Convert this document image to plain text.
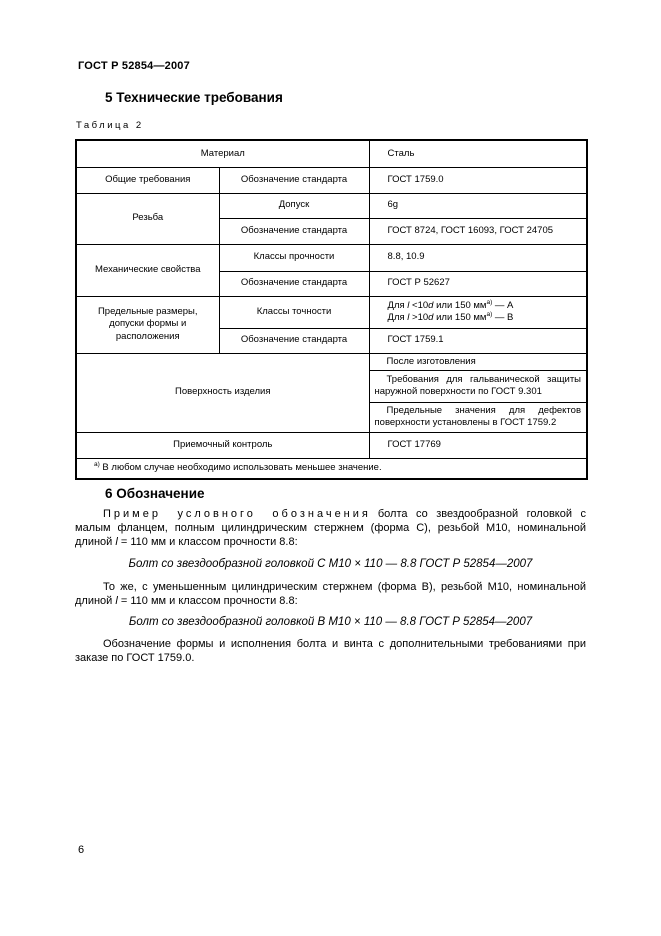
ГОСТ Р 52854—2007
5 Технические требования
Таблица 2
Материал		Сталь
Общие требования	Обозначение стандарта	ГОСТ 1759.0
Резьба	Допуск	6g
	Обозначение стандарта	ГОСТ 8724, ГОСТ 16093, ГОСТ 24705
Механические свойства	Классы прочности	8.8, 10.9
	Обозначение стандарта	ГОСТ Р 52627
Предельные размеры, допуски формы и расположения	Классы точности	Для l <10d или 150 $мм^{а)}$ — А
Для l >10d или 150 $мм^{а)}$ — В

	Обозначение стандарта	ГОСТ 1759.1
Поверхность изделия		После изготовления
		Требования для гальванической защиты наружной поверхности по ГОСТ 9.301
		Предельные значения для дефектов поверхности установлены в ГОСТ 1759.2
Приемочный контроль		ГОСТ 17769
$^{а)}$ В любом случае необходимо использовать меньшее значение.		
6 Обозначение
Пример условного обозначения болта со звездообразной головкой с малым фланцем, полным цилиндрическим стержнем (форма С), резьбой М10, номинальной длиной l = 110 мм и классом прочности 8.8:
Болт со звездообразной головкой С М10 × 110 — 8.8 ГОСТ Р 52854—2007
То же, с уменьшенным цилиндрическим стержнем (форма В), резьбой М10, номинальной длиной l = 110 мм и классом прочности 8.8:
Болт со звездообразной головкой В М10 × 110 — 8.8 ГОСТ Р 52854—2007
Обозначение формы и исполнения болта и винта с дополнительными требованиями при заказе по ГОСТ 1759.0.
6
